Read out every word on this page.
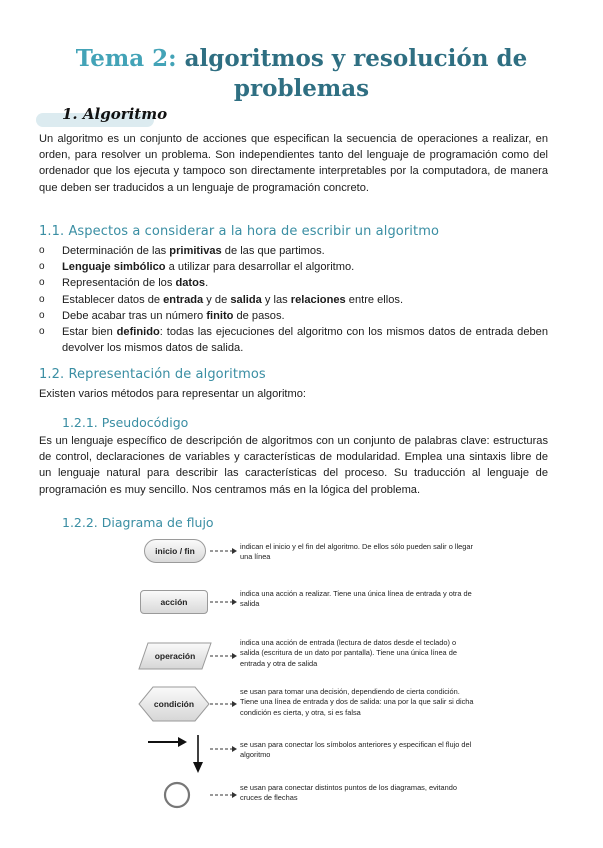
Tema 2: algoritmos y resolución de problemas
1. Algoritmo

Un algoritmo es un conjunto de acciones que especifican la secuencia de operaciones a realizar, en orden, para resolver un problema. Son independientes tanto del lenguaje de programación como del ordenador que los ejecuta y tampoco son directamente interpretables por la computadora, de manera que deben ser traducidos a un lenguaje de programación concreto.

1.1. Aspectos a considerar a la hora de escribir un algoritmo
o Determinación de las primitivas de las que partimos.
o Lenguaje simbólico a utilizar para desarrollar el algoritmo.
o Representación de los datos.
o Establecer datos de entrada y de salida y las relaciones entre ellos.
o Debe acabar tras un número finito de pasos.
o Estar bien definido: todas las ejecuciones del algoritmo con los mismos datos de entrada deben devolver los mismos datos de salida.
1.2. Representación de algoritmos

Existen varios métodos para representar un algoritmo:

1.2.1. Pseudocódigo

Es un lenguaje específico de descripción de algoritmos con un conjunto de palabras clave: estructuras de control, declaraciones de variables y características de modularidad. Emplea una sintaxis libre de un lenguaje natural para describir las características del proceso. Su traducción al lenguaje de programación es muy sencillo. Nos centramos más en la lógica del problema.

1.2.2. Diagrama de flujo
inicio / fin	indican el inicio y el fin del algoritmo. De ellos sólo pueden salir o llegar una línea

acción

indica una acción a realizar. Tiene una única línea de entrada y otra de salida

operación

indica una acción de entrada (lectura de datos desde el teclado) o salida (escritura de un dato por pantalla). Tiene una única línea de entrada y otra de salida

condición

se usan para tomar una decisión, dependiendo de cierta condición. Tiene una línea de entrada y dos de salida: una por la que salir si dicha condición es cierta, y otra, si es falsa

se usan para conectar los símbolos anteriores y especifican el flujo del algoritmo

se usan para conectar distintos puntos de los diagramas, evitando cruces de flechas
